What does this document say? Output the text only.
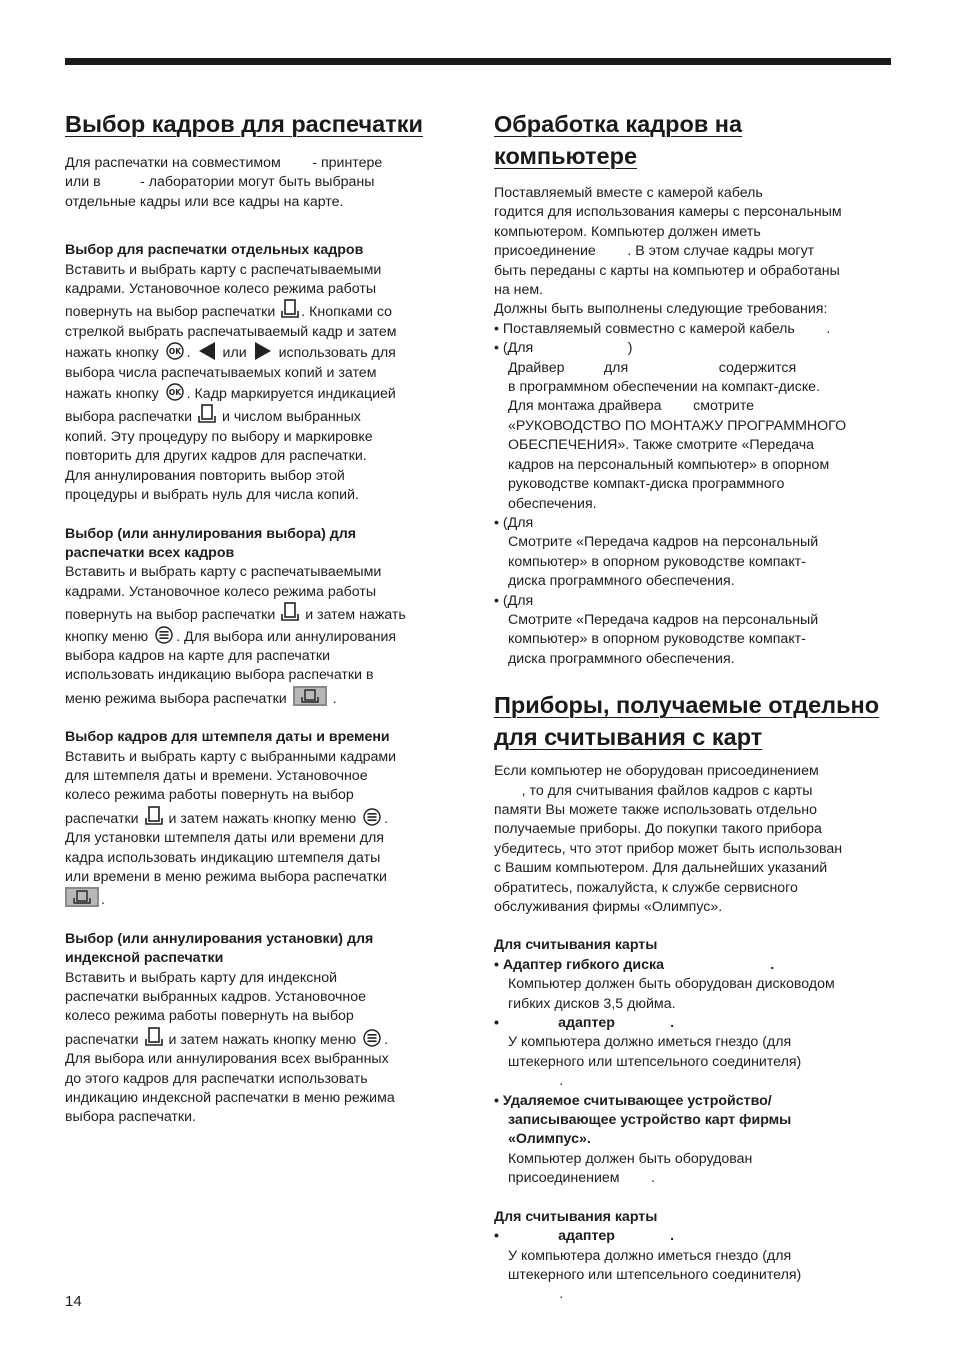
Выбор кадров для распечатки

Для распечатки на совместимом        - принтере

или в          - лаборатории могут быть выбраны

отдельные кадры или все кадры на карте.

Выбор для распечатки отдельных кадров

Вставить и выбрать карту с распечатываемыми

кадрами. Установочное колесо режима работы

повернуть на выбор распечатки . Кнопками со

стрелкой выбрать распечатываемый кадр и затем

нажать кнопку OK . или использовать для

выбора числа распечатываемых копий и затем

нажать кнопку OK . Кадр маркируется индикацией

выбора распечатки и числом выбранных

копий. Эту процедуру по выбору и маркировке

повторить для других кадров для распечатки.

Для аннулирования повторить выбор этой

процедуры и выбрать нуль для числа копий.

Выбор (или аннулирования выбора) для

распечатки всех кадров

Вставить и выбрать карту с распечатываемыми

кадрами. Установочное колесо режима работы

повернуть на выбор распечатки и затем нажать

кнопку меню . Для выбора или аннулирования

выбора кадров на карте для распечатки

использовать индикацию выбора распечатки в

меню режима выбора распечатки	.

Выбор кадров для штемпеля даты и времени

Вставить и выбрать карту с выбранными кадрами

для штемпеля даты и времени. Установочное

колесо режима работы повернуть на выбор

распечатки и затем нажать кнопку меню .

Для установки штемпеля даты или времени для

кадра использовать индикацию штемпеля даты

или времени в меню режима выбора распечатки

.

Выбор (или аннулирования установки) для

индексной распечатки

Вставить и выбрать карту для индексной

распечатки выбранных кадров. Установочное

колесо режима работы повернуть на выбор

распечатки и затем нажать кнопку меню .

Для выбора или аннулирования всех выбранных

до этого кадров для распечатки использовать

индикацию индексной распечатки в меню режима

выбора распечатки.

Обработка кадров на
компьютере

Поставляемый вместе с камерой кабель

годится для использования камеры с персональным

компьютером. Компьютер должен иметь

присоединение        . В этом случае кадры могут

быть переданы с карты на компьютер и обработаны

на нем.

Должны быть выполнены следующие требования:

• Поставляемый совместно с камерой кабель        .

• (Для                        )

Драйвер          для                       содержится

в программном обеспечении на компакт-диске.

Для монтажа драйвера        смотрите

«РУКОВОДСТВО ПО МОНТАЖУ ПРОГРАММНОГО

ОБЕСПЕЧЕНИЯ». Также смотрите «Передача

кадров на персональный компьютер» в опорном

руководстве компакт-диска программного

обеспечения.

• (Для

Смотрите «Передача кадров на персональный

компьютер» в опорном руководстве компакт-

диска программного обеспечения.

• (Для

Смотрите «Передача кадров на персональный

компьютер» в опорном руководстве компакт-

диска программного обеспечения.

Приборы, получаемые отдельно
для считывания с карт

Если компьютер не оборудован присоединением

, то для считывания файлов кадров с карты

памяти Вы можете также использовать отдельно

получаемые приборы. До покупки такого прибора

убедитесь, что этот прибор может быть использован

с Вашим компьютером. Для дальнейших указаний

обратитесь, пожалуйста, к службе сервисного

обслуживания фирмы «Олимпус».

Для считывания карты

• Адаптер гибкого диска                           .

Компьютер должен быть оборудован дисководом

гибких дисков 3,5 дюйма.

•               адаптер              .

У компьютера должно иметься гнездо (для

штекерного или штепсельного соединителя)

.

• Удаляемое считывающее устройство/

записывающее устройство карт фирмы

«Олимпус».

Компьютер должен быть оборудован

присоединением        .

Для считывания карты

•               адаптер              .

У компьютера должно иметься гнездо (для

штекерного или штепсельного соединителя)

.

14
